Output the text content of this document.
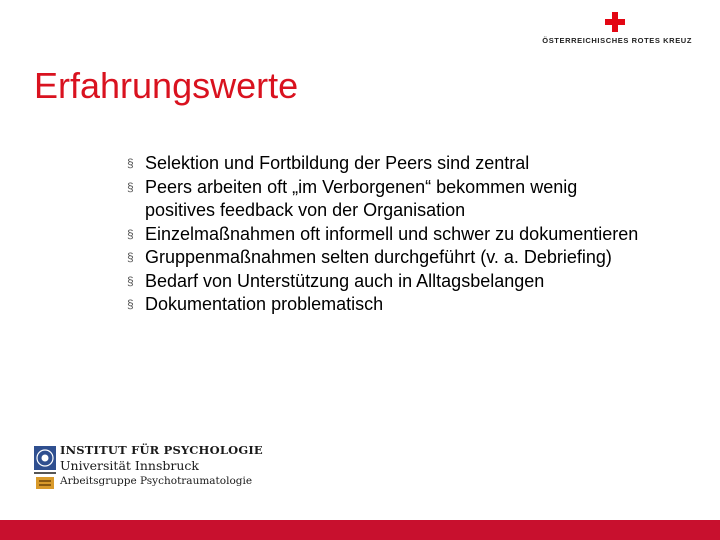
ÖSTERREICHISCHES ROTES KREUZ
Erfahrungswerte
§ Selektion und Fortbildung der Peers sind zentral
§ Peers arbeiten oft „im Verborgenen“ bekommen wenig positives feedback von der Organisation
§ Einzelmaßnahmen oft informell und schwer zu dokumentieren
§ Gruppenmaßnahmen selten durchgeführt (v. a. Debriefing)
§ Bedarf von Unterstützung auch in Alltagsbelangen
§ Dokumentation problematisch
INSTITUT FÜR PSYCHOLOGIE
Universität Innsbruck
Arbeitsgruppe Psychotraumatologie
